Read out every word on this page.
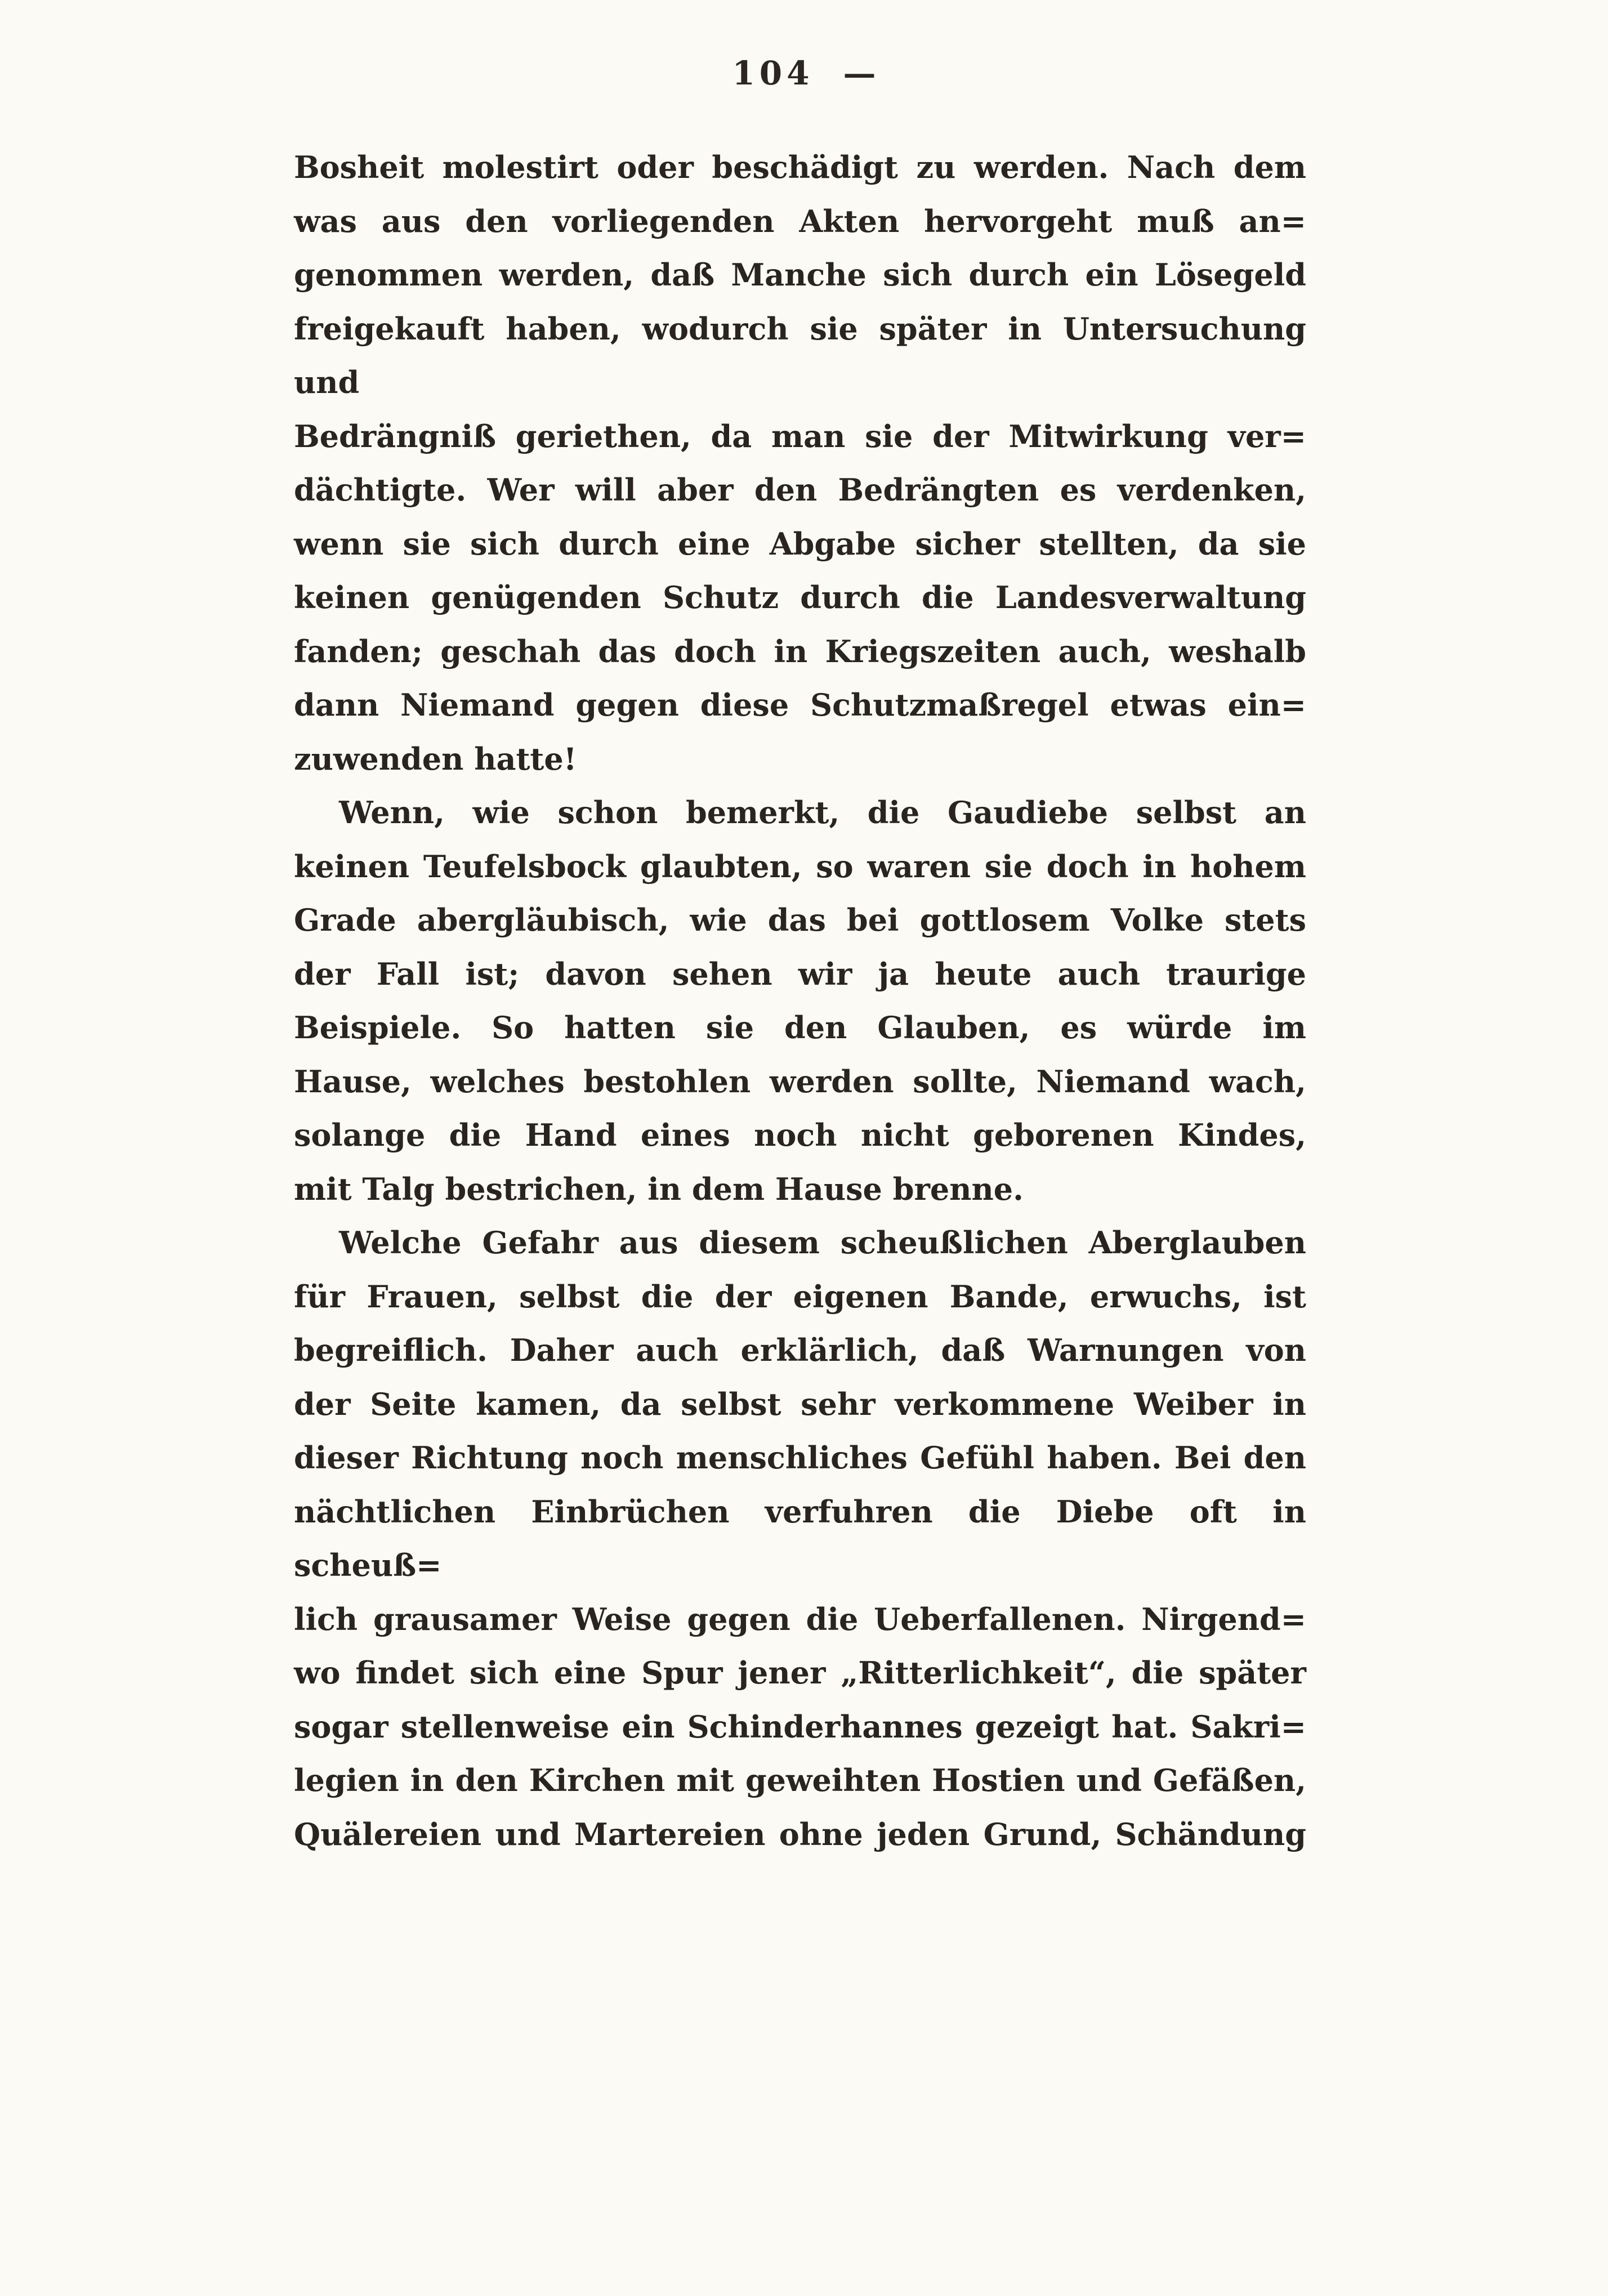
104 —
Bosheit molestirt oder beschädigt zu werden. Nach dem
was aus den vorliegenden Akten hervorgeht muß an=
genommen werden, daß Manche sich durch ein Lösegeld
freigekauft haben, wodurch sie später in Untersuchung und
Bedrängniß geriethen, da man sie der Mitwirkung ver=
dächtigte. Wer will aber den Bedrängten es verdenken,
wenn sie sich durch eine Abgabe sicher stellten, da sie
keinen genügenden Schutz durch die Landesverwaltung
fanden; geschah das doch in Kriegszeiten auch, weshalb
dann Niemand gegen diese Schutzmaßregel etwas ein=
zuwenden hatte!
Wenn, wie schon bemerkt, die Gaudiebe selbst an
keinen Teufelsbock glaubten, so waren sie doch in hohem
Grade abergläubisch, wie das bei gottlosem Volke stets
der Fall ist; davon sehen wir ja heute auch traurige
Beispiele. So hatten sie den Glauben, es würde im
Hause, welches bestohlen werden sollte, Niemand wach,
solange die Hand eines noch nicht geborenen Kindes,
mit Talg bestrichen, in dem Hause brenne.
Welche Gefahr aus diesem scheußlichen Aberglauben
für Frauen, selbst die der eigenen Bande, erwuchs, ist
begreiflich. Daher auch erklärlich, daß Warnungen von
der Seite kamen, da selbst sehr verkommene Weiber in
dieser Richtung noch menschliches Gefühl haben. Bei den
nächtlichen Einbrüchen verfuhren die Diebe oft in scheuß=
lich grausamer Weise gegen die Ueberfallenen. Nirgend=
wo findet sich eine Spur jener „Ritterlichkeit“, die später
sogar stellenweise ein Schinderhannes gezeigt hat. Sakri=
legien in den Kirchen mit geweihten Hostien und Gefäßen,
Quälereien und Martereien ohne jeden Grund, Schändung
